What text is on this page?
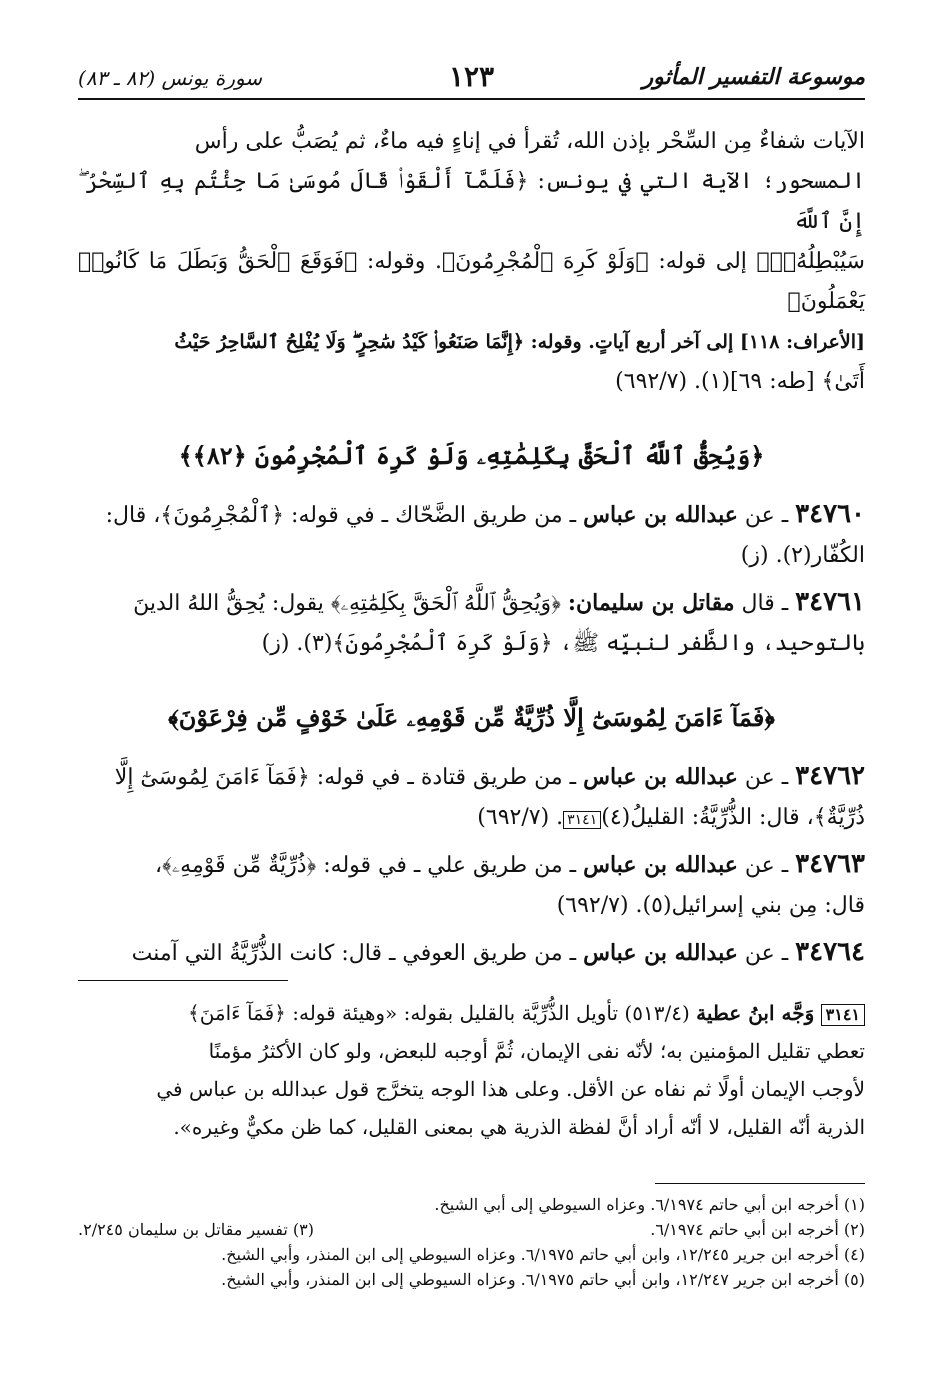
موسوعة التفسير المأثور
١٢٣
سورة يونس (٨٢ ـ ٨٣)

الآيات شفاءٌ مِن السِّحْر بإذن الله، تُقرأ في إناءٍ فيه ماءٌ، ثم يُصَبُّ على رأس

المسحور؛ الآية التي في يونس: ﴿فَلَمَّآ أَلْقَوْا۟ قَالَ مُوسَىٰ مَا جِئْتُم بِهِ ٱلسِّحْرُ ۖ إِنَّ ٱللَّهَ

سَيُبْطِلُهُۥٓ﴾ إلى قوله: ﴿وَلَوْ كَرِهَ ٱلْمُجْرِمُونَ﴾. وقوله: ﴿فَوَقَعَ ٱلْحَقُّ وَبَطَلَ مَا كَانُوا۟ يَعْمَلُونَ﴾

[الأعراف: ١١٨] إلى آخر أربع آياتٍ. وقوله: ﴿إِنَّمَا صَنَعُوا۟ كَيْدُ سَٰحِرٍ ۖ وَلَا يُفْلِحُ ٱلسَّاحِرُ حَيْثُ

أَتَىٰ﴾ [طه: ٦٩](١). (٦٩٢/٧)

﴿وَيُحِقُّ ٱللَّهُ ٱلْحَقَّ بِكَلِمَٰتِهِۦ وَلَوْ كَرِهَ ٱلْمُجْرِمُونَ ﴿٨٢﴾﴾

٣٤٧٦٠ ـ عن عبدالله بن عباس ـ من طريق الضَّحّاك ـ في قوله: ﴿ٱلْمُجْرِمُونَ﴾، قال:

الكُفّار(٢). (ز)

٣٤٧٦١ ـ قال مقاتل بن سليمان: ﴿وَيُحِقُّ ٱللَّهُ ٱلْحَقَّ بِكَلِمَٰتِهِۦ﴾ يقول: يُحِقُّ اللهُ الدينَ

بالتوحيد، والظَّفر لنبيِّه ﷺ، ﴿وَلَوْ كَرِهَ ٱلْمُجْرِمُونَ﴾(٣). (ز)

﴿فَمَآ ءَامَنَ لِمُوسَىٰٓ إِلَّا ذُرِّيَّةٌ مِّن قَوْمِهِۦ عَلَىٰ خَوْفٍ مِّن فِرْعَوْنَ﴾

٣٤٧٦٢ ـ عن عبدالله بن عباس ـ من طريق قتادة ـ في قوله: ﴿فَمَآ ءَامَنَ لِمُوسَىٰٓ إِلَّا

ذُرِّيَّةٌ﴾، قال: الذُّرِّيَّةُ: القليلُ(٤)٣١٤١. (٦٩٢/٧)

٣٤٧٦٣ ـ عن عبدالله بن عباس ـ من طريق علي ـ في قوله: ﴿ذُرِّيَّةٌ مِّن قَوْمِهِۦ﴾،

قال: مِن بني إسرائيل(٥). (٦٩٢/٧)

٣٤٧٦٤ ـ عن عبدالله بن عباس ـ من طريق العوفي ـ قال: كانت الذُّرِّيَّةُ التي آمنت

٣١٤١ وَجَّه ابنُ عطية (٥١٣/٤) تأويل الذُّرِّيَّة بالقليل بقوله: «وهيئة قوله: ﴿فَمَآ ءَامَنَ﴾

تعطي تقليل المؤمنين به؛ لأنّه نفى الإيمان، ثُمَّ أوجبه للبعض، ولو كان الأكثرُ مؤمنًا

لأوجب الإيمان أولًا ثم نفاه عن الأقل. وعلى هذا الوجه يتخرَّج قول عبدالله بن عباس في

الذرية أنّه القليل، لا أنّه أراد أنَّ لفظة الذرية هي بمعنى القليل، كما ظن مكيٌّ وغيره».

(١) أخرجه ابن أبي حاتم ٦/١٩٧٤. وعزاه السيوطي إلى أبي الشيخ.
(٢) أخرجه ابن أبي حاتم ٦/١٩٧٤.
(٣) تفسير مقاتل بن سليمان ٢/٢٤٥.
(٤) أخرجه ابن جرير ١٢/٢٤٥، وابن أبي حاتم ٦/١٩٧٥. وعزاه السيوطي إلى ابن المنذر، وأبي الشيخ.
(٥) أخرجه ابن جرير ١٢/٢٤٧، وابن أبي حاتم ٦/١٩٧٥. وعزاه السيوطي إلى ابن المنذر، وأبي الشيخ.
